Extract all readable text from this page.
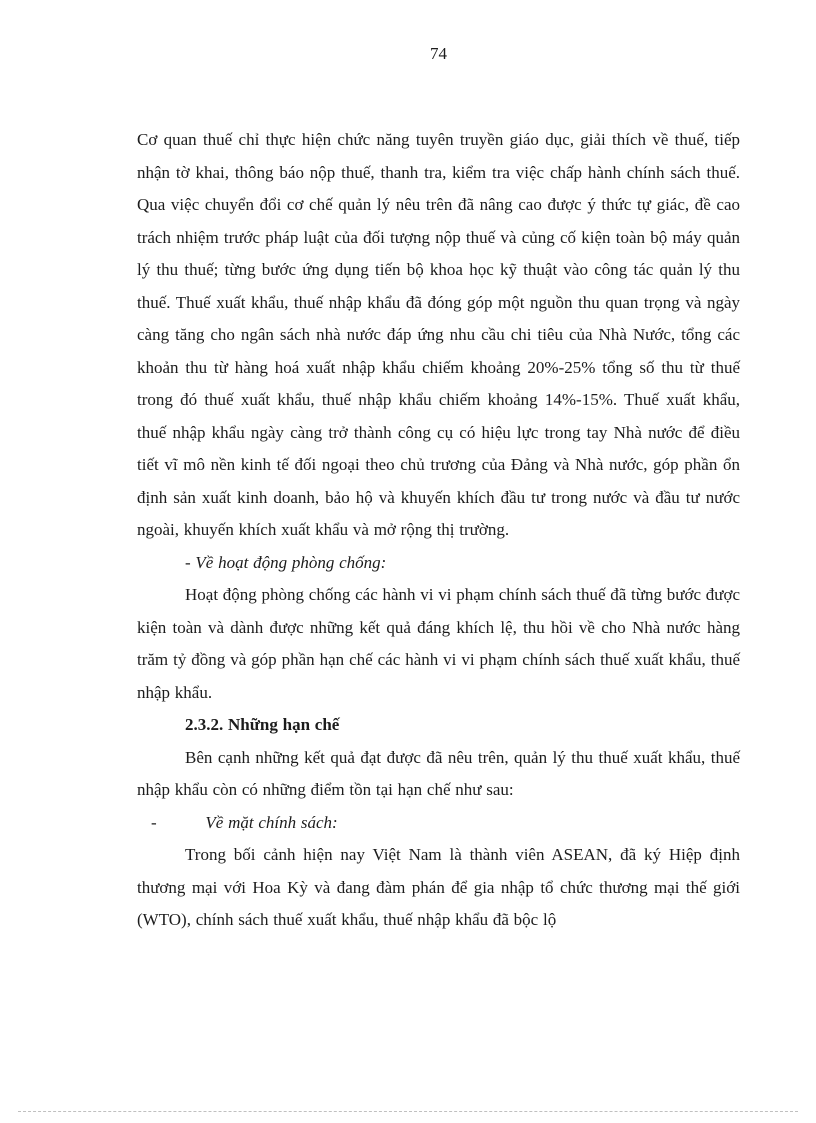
74

Cơ quan thuế chỉ thực hiện chức năng tuyên truyền giáo dục, giải thích về thuế, tiếp nhận tờ khai, thông báo nộp thuế, thanh tra, kiểm tra việc chấp hành chính sách thuế. Qua việc chuyển đổi cơ chế quản lý nêu trên đã nâng cao được ý thức tự giác, đề cao trách nhiệm trước pháp luật của đối tượng nộp thuế và củng cố kiện toàn bộ máy quản lý thu thuế; từng bước ứng dụng tiến bộ khoa học kỹ thuật vào công tác quản lý thu thuế. Thuế xuất khẩu, thuế nhập khẩu đã đóng góp một nguồn thu quan trọng và ngày càng tăng cho ngân sách nhà nước đáp ứng nhu cầu chi tiêu của Nhà Nước, tổng các khoản thu từ hàng hoá xuất nhập khẩu chiếm khoảng 20%-25% tổng số thu từ thuế trong đó thuế xuất khẩu, thuế nhập khẩu chiếm khoảng 14%-15%. Thuế xuất khẩu, thuế nhập khẩu ngày càng trở thành công cụ có hiệu lực trong tay Nhà nước để điều tiết vĩ mô nền kinh tế đối ngoại theo chủ trương của Đảng và Nhà nước, góp phần ổn định sản xuất kinh doanh, bảo hộ và khuyến khích đầu tư trong nước và đầu tư nước ngoài, khuyến khích xuất khẩu và mở rộng thị trường.

- Về hoạt động phòng chống:

Hoạt động phòng chống các hành vi vi phạm chính sách thuế đã từng bước được kiện toàn và dành được những kết quả đáng khích lệ, thu hồi về cho Nhà nước hàng trăm tỷ đồng và góp phần hạn chế các hành vi vi phạm chính sách thuế xuất khẩu, thuế nhập khẩu.

2.3.2. Những hạn chế

Bên cạnh những kết quả đạt được đã nêu trên, quản lý thu thuế xuất khẩu, thuế nhập khẩu còn có những điểm tồn tại hạn chế như sau:

-	Về mặt chính sách:

Trong bối cảnh hiện nay Việt Nam là thành viên ASEAN, đã ký Hiệp định thương mại với Hoa Kỳ và đang đàm phán để gia nhập tổ chức thương mại thế giới (WTO), chính sách thuế xuất khẩu, thuế nhập khẩu đã bộc lộ
